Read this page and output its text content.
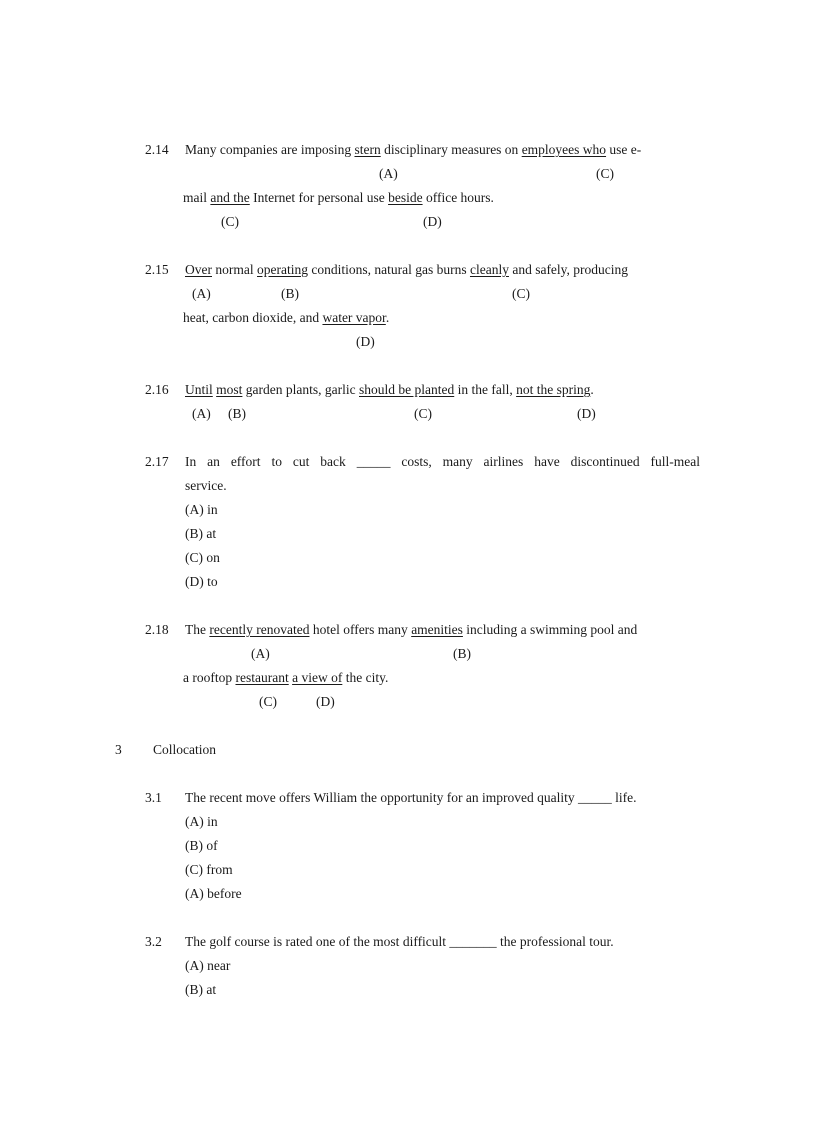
2.14 Many companies are imposing stern disciplinary measures on employees who use e-
(A)	(C)
mail and the Internet for personal use beside office hours.
(C)	(D)
2.15 Over normal operating conditions, natural gas burns cleanly and safely, producing
(A)	(B)	(C)
heat, carbon dioxide, and water vapor.
(D)
2.16 Until most garden plants, garlic should be planted in the fall, not the spring.
(A) (B)	(C)	(D)
2.17 In an effort to cut back _____ costs, many airlines have discontinued full-meal
service.
(A) in
(B) at
(C) on
(D) to
2.18 The recently renovated hotel offers many amenities including a swimming pool and
(A)	(B)
a rooftop restaurant a view of the city.
(C)	(D)
3 Collocation
3.1 The recent move offers William the opportunity for an improved quality _____ life.
(A) in
(B) of
(C) from
(A) before
3.2 The golf course is rated one of the most difficult _______ the professional tour.
(A) near
(B) at
